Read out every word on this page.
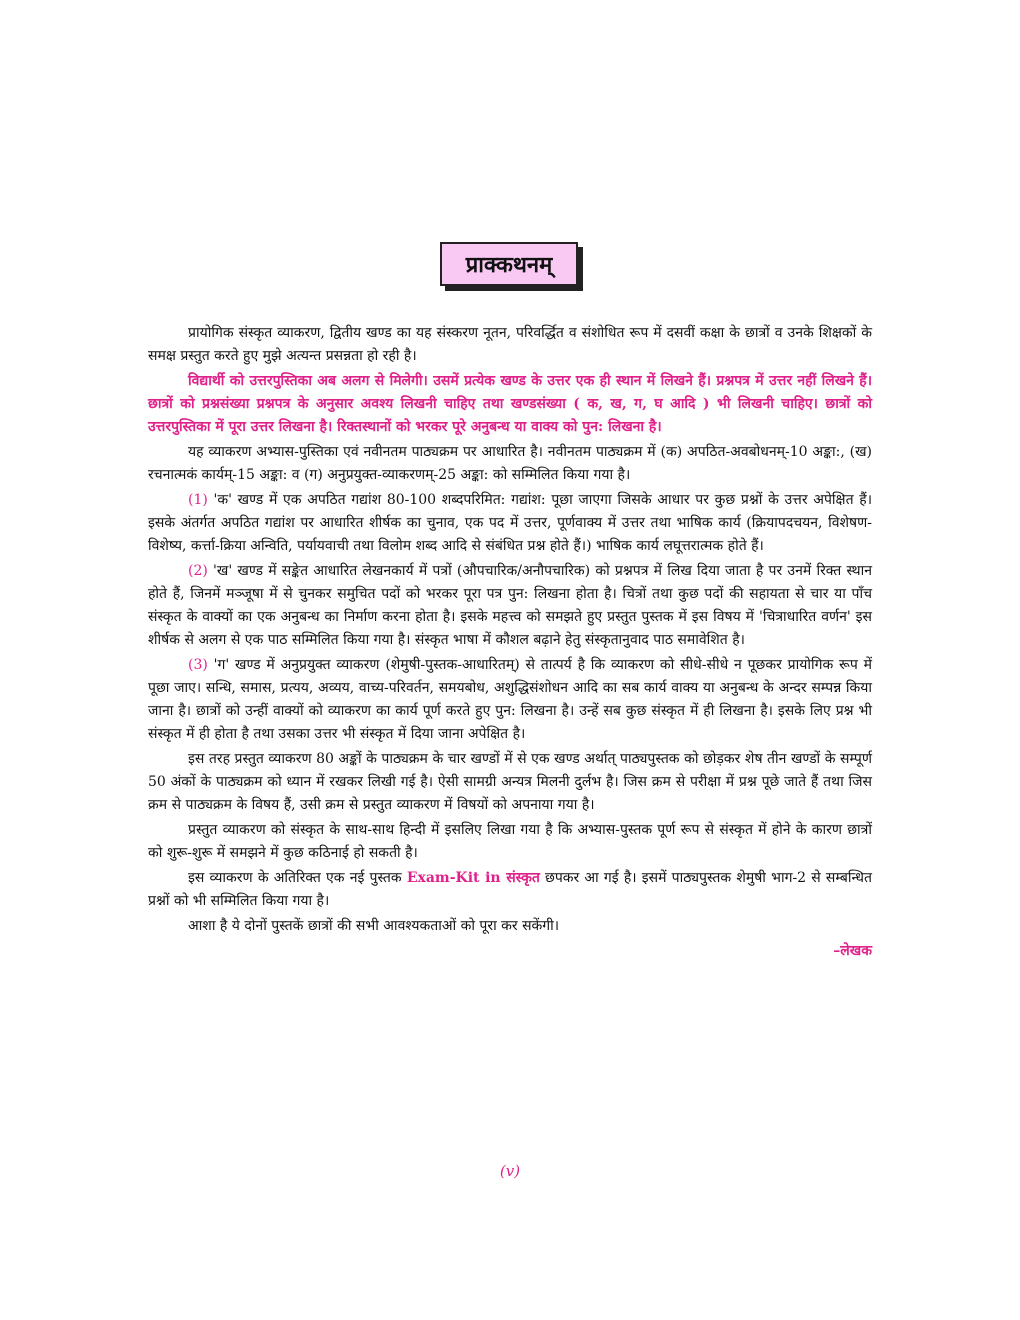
प्राक्कथनम्

प्रायोगिक संस्कृत व्याकरण, द्वितीय खण्ड का यह संस्करण नूतन, परिवर्द्धित व संशोधित रूप में दसवीं कक्षा के छात्रों व उनके शिक्षकों के समक्ष प्रस्तुत करते हुए मुझे अत्यन्त प्रसन्नता हो रही है।

विद्यार्थी को उत्तरपुस्तिका अब अलग से मिलेगी। उसमें प्रत्येक खण्ड के उत्तर एक ही स्थान में लिखने हैं। प्रश्नपत्र में उत्तर नहीं लिखने हैं। छात्रों को प्रश्नसंख्या प्रश्नपत्र के अनुसार अवश्य लिखनी चाहिए तथा खण्डसंख्या ( क, ख, ग, घ आदि ) भी लिखनी चाहिए। छात्रों को उत्तरपुस्तिका में पूरा उत्तर लिखना है। रिक्तस्थानों को भरकर पूरे अनुबन्ध या वाक्य को पुन: लिखना है।

यह व्याकरण अभ्यास-पुस्तिका एवं नवीनतम पाठ्यक्रम पर आधारित है। नवीनतम पाठ्यक्रम में (क) अपठित-अवबोधनम्-10 अङ्का:, (ख) रचनात्मकं कार्यम्-15 अङ्का: व (ग) अनुप्रयुक्त-व्याकरणम्-25 अङ्का: को सम्मिलित किया गया है।

(1) 'क' खण्ड में एक अपठित गद्यांश 80-100 शब्दपरिमित: गद्यांश: पूछा जाएगा जिसके आधार पर कुछ प्रश्नों के उत्तर अपेक्षित हैं। इसके अंतर्गत अपठित गद्यांश पर आधारित शीर्षक का चुनाव, एक पद में उत्तर, पूर्णवाक्य में उत्तर तथा भाषिक कार्य (क्रियापदचयन, विशेषण-विशेष्य, कर्त्ता-क्रिया अन्विति, पर्यायवाची तथा विलोम शब्द आदि से संबंधित प्रश्न होते हैं।) भाषिक कार्य लघूत्तरात्मक होते हैं।

(2) 'ख' खण्ड में सङ्केत आधारित लेखनकार्य में पत्रों (औपचारिक/अनौपचारिक) को प्रश्नपत्र में लिख दिया जाता है पर उनमें रिक्त स्थान होते हैं, जिनमें मञ्जूषा में से चुनकर समुचित पदों को भरकर पूरा पत्र पुन: लिखना होता है। चित्रों तथा कुछ पदों की सहायता से चार या पाँच संस्कृत के वाक्यों का एक अनुबन्ध का निर्माण करना होता है। इसके महत्त्व को समझते हुए प्रस्तुत पुस्तक में इस विषय में 'चित्राधारित वर्णन' इस शीर्षक से अलग से एक पाठ सम्मिलित किया गया है। संस्कृत भाषा में कौशल बढ़ाने हेतु संस्कृतानुवाद पाठ समावेशित है।

(3) 'ग' खण्ड में अनुप्रयुक्त व्याकरण (शेमुषी-पुस्तक-आधारितम्) से तात्पर्य है कि व्याकरण को सीधे-सीधे न पूछकर प्रायोगिक रूप में पूछा जाए। सन्धि, समास, प्रत्यय, अव्यय, वाच्य-परिवर्तन, समयबोध, अशुद्धिसंशोधन आदि का सब कार्य वाक्य या अनुबन्ध के अन्दर सम्पन्न किया जाना है। छात्रों को उन्हीं वाक्यों को व्याकरण का कार्य पूर्ण करते हुए पुन: लिखना है। उन्हें सब कुछ संस्कृत में ही लिखना है। इसके लिए प्रश्न भी संस्कृत में ही होता है तथा उसका उत्तर भी संस्कृत में दिया जाना अपेक्षित है।

इस तरह प्रस्तुत व्याकरण 80 अङ्कों के पाठ्यक्रम के चार खण्डों में से एक खण्ड अर्थात् पाठ्यपुस्तक को छोड़कर शेष तीन खण्डों के सम्पूर्ण 50 अंकों के पाठ्यक्रम को ध्यान में रखकर लिखी गई है। ऐसी सामग्री अन्यत्र मिलनी दुर्लभ है। जिस क्रम से परीक्षा में प्रश्न पूछे जाते हैं तथा जिस क्रम से पाठ्यक्रम के विषय हैं, उसी क्रम से प्रस्तुत व्याकरण में विषयों को अपनाया गया है।

प्रस्तुत व्याकरण को संस्कृत के साथ-साथ हिन्दी में इसलिए लिखा गया है कि अभ्यास-पुस्तक पूर्ण रूप से संस्कृत में होने के कारण छात्रों को शुरू-शुरू में समझने में कुछ कठिनाई हो सकती है।

इस व्याकरण के अतिरिक्त एक नई पुस्तक Exam-Kit in संस्कृत छपकर आ गई है। इसमें पाठ्यपुस्तक शेमुषी भाग-2 से सम्बन्धित प्रश्नों को भी सम्मिलित किया गया है।

आशा है ये दोनों पुस्तकें छात्रों की सभी आवश्यकताओं को पूरा कर सकेंगी।

–लेखक

(v)
